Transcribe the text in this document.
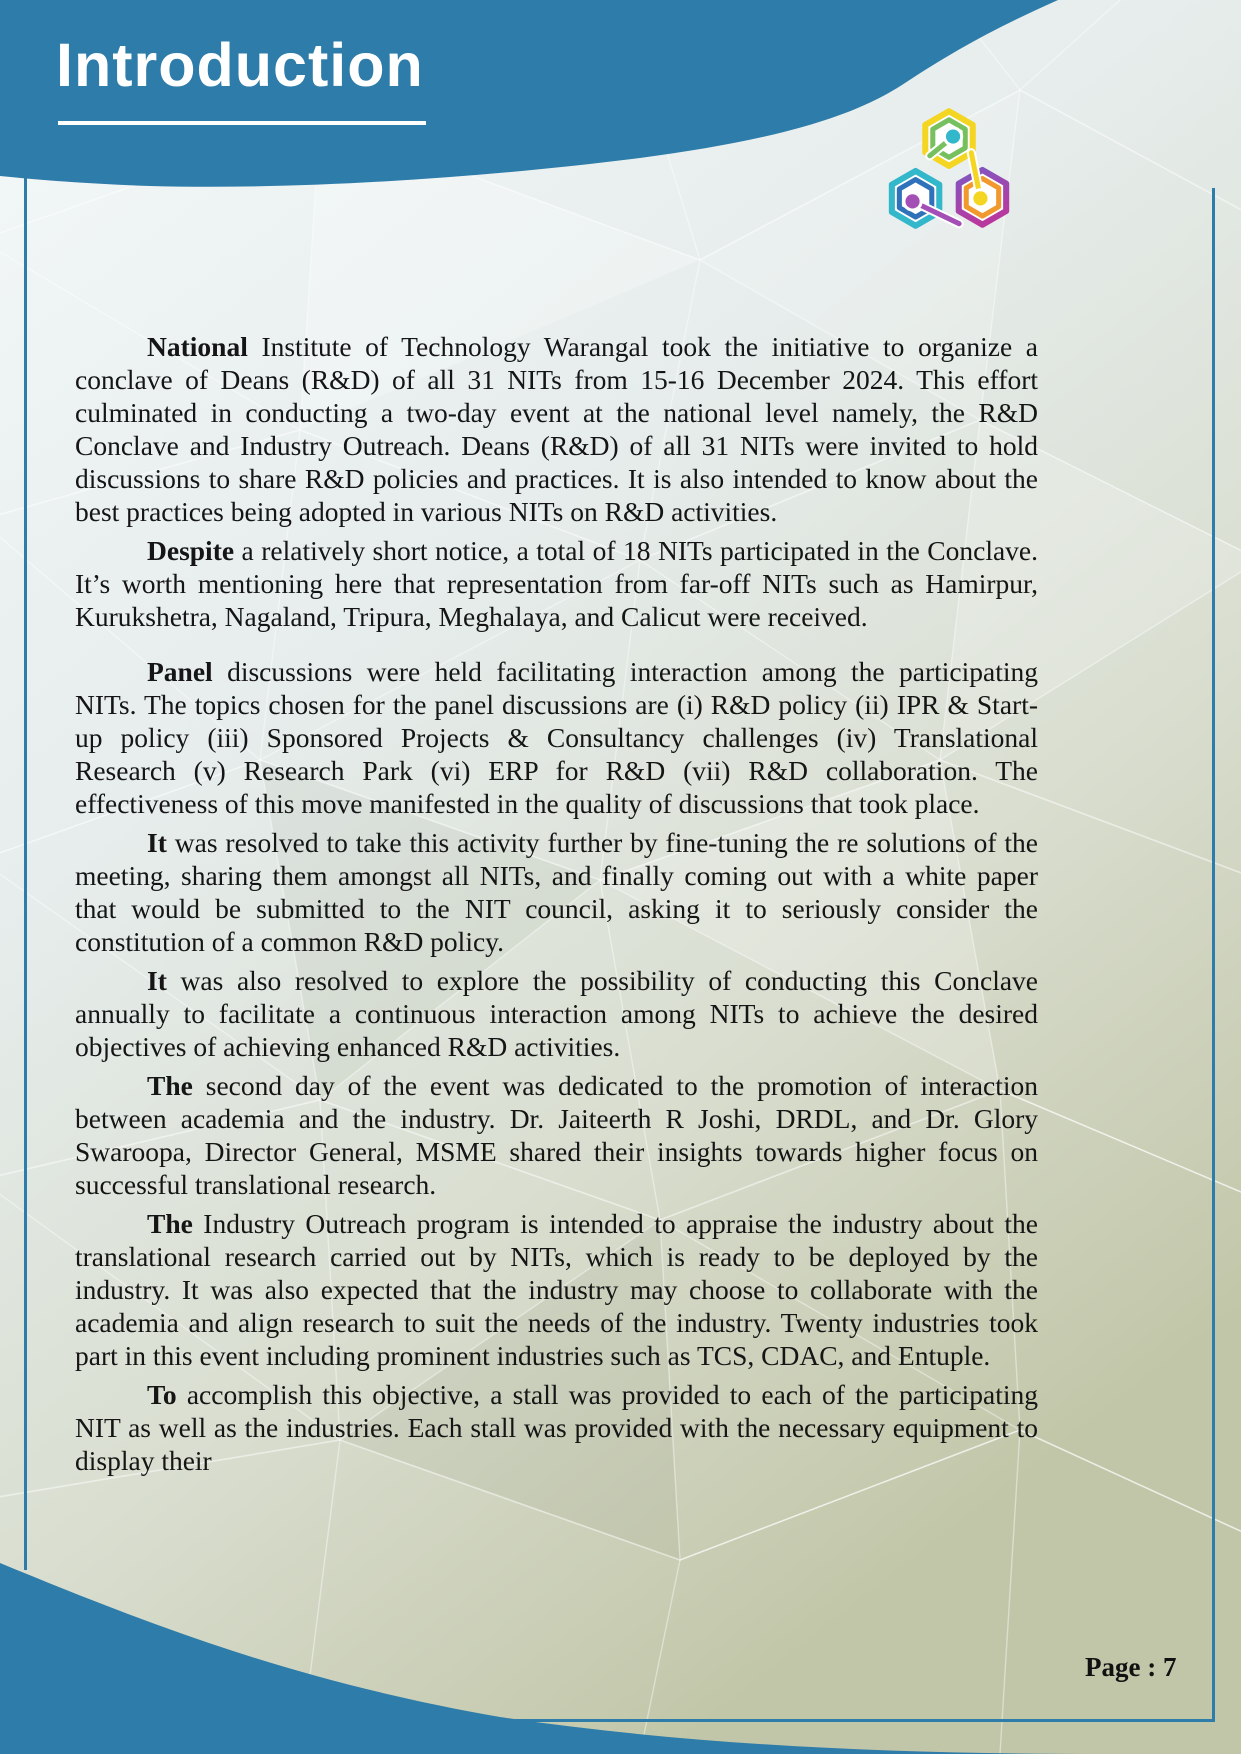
Introduction

National Institute of Technology Warangal took the initiative to organize a conclave of Deans (R&D) of all 31 NITs from 15-16 December 2024. This effort culminated in conducting a two-day event at the national level namely, the R&D Conclave and Industry Outreach. Deans (R&D) of all 31 NITs were invited to hold discussions to share R&D policies and practices. It is also intended to know about the best practices being adopted in various NITs on R&D activities.

Despite a relatively short notice, a total of 18 NITs participated in the Conclave. It’s worth mentioning here that representation from far-off NITs such as Hamirpur, Kurukshetra, Nagaland, Tripura, Meghalaya, and Calicut were received.

Panel discussions were held facilitating interaction among the participating NITs. The topics chosen for the panel discussions are (i) R&D policy (ii) IPR & Start-up policy (iii) Sponsored Projects & Consultancy challenges (iv) Translational Research (v) Research Park (vi) ERP for R&D (vii) R&D collaboration. The effectiveness of this move manifested in the quality of discussions that took place.

It was resolved to take this activity further by fine-tuning the re solutions of the meeting, sharing them amongst all NITs, and finally coming out with a white paper that would be submitted to the NIT council, asking it to seriously consider the constitution of a common R&D policy.

It was also resolved to explore the possibility of conducting this Conclave annually to facilitate a continuous interaction among NITs to achieve the desired objectives of achieving enhanced R&D activities.

The second day of the event was dedicated to the promotion of interaction between academia and the industry. Dr. Jaiteerth R Joshi, DRDL, and Dr. Glory Swaroopa, Director General, MSME shared their insights towards higher focus on successful translational research.

The Industry Outreach program is intended to appraise the industry about the translational research carried out by NITs, which is ready to be deployed by the industry. It was also expected that the industry may choose to collaborate with the academia and align research to suit the needs of the industry. Twenty industries took part in this event including prominent industries such as TCS, CDAC, and Entuple.

To accomplish this objective, a stall was provided to each of the participating NIT as well as the industries. Each stall was provided with the necessary equipment to display their

Page : 7
